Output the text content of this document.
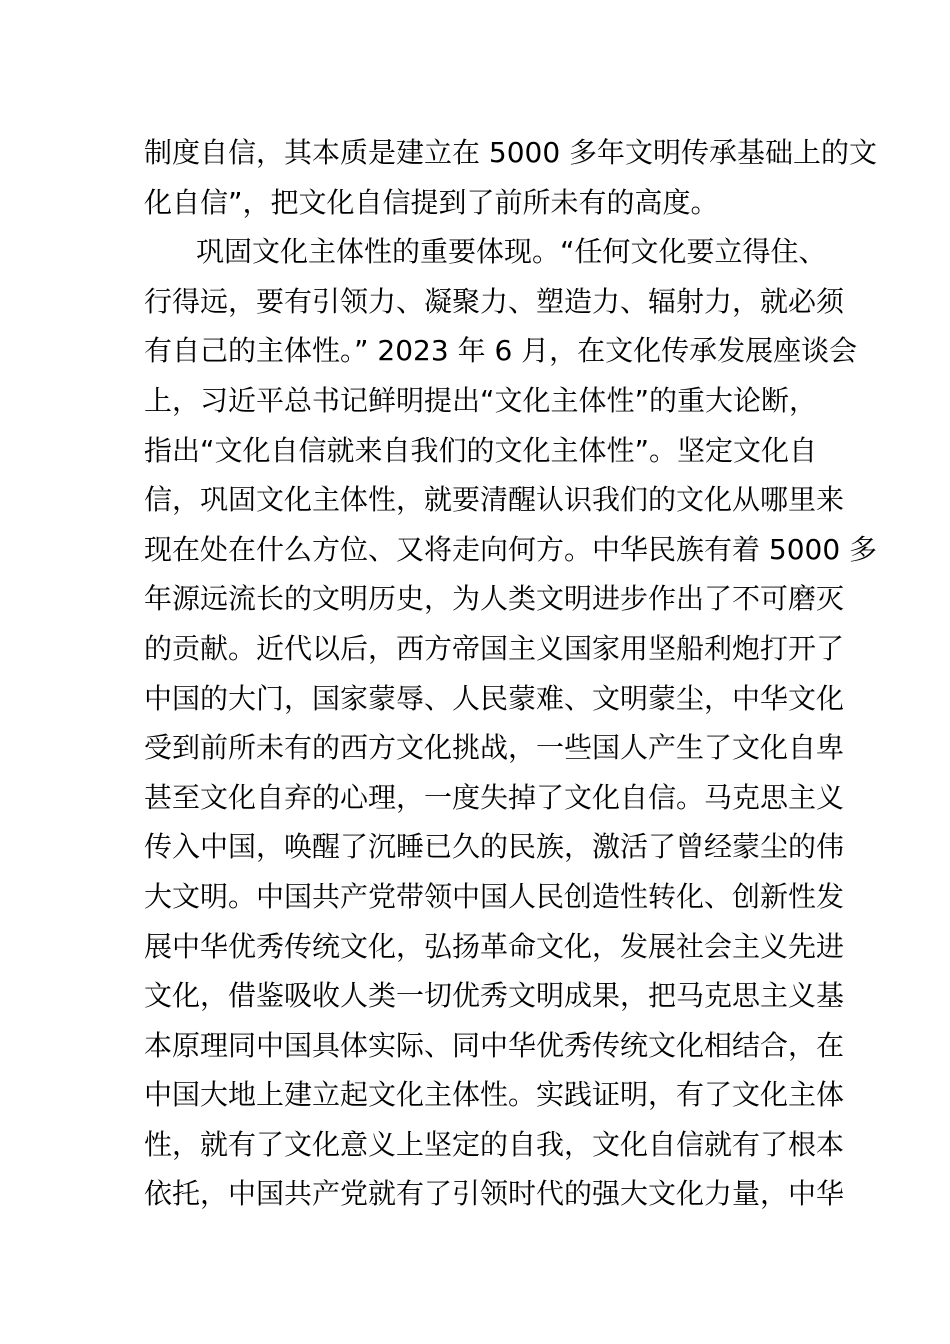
制度自信，其本质是建立在 5000 多年文明传承基础上的文
化自信”，把文化自信提到了前所未有的高度。
巩固文化主体性的重要体现。“任何文化要立得住、
行得远，要有引领力、凝聚力、塑造力、辐射力，就必须
有自己的主体性。” 2023 年 6 月，在文化传承发展座谈会
上，习近平总书记鲜明提出“文化主体性”的重大论断，
指出“文化自信就来自我们的文化主体性”。坚定文化自
信，巩固文化主体性，就要清醒认识我们的文化从哪里来
现在处在什么方位、又将走向何方。中华民族有着 5000 多
年源远流长的文明历史，为人类文明进步作出了不可磨灭
的贡献。近代以后，西方帝国主义国家用坚船利炮打开了
中国的大门，国家蒙辱、人民蒙难、文明蒙尘，中华文化
受到前所未有的西方文化挑战，一些国人产生了文化自卑
甚至文化自弃的心理，一度失掉了文化自信。马克思主义
传入中国，唤醒了沉睡已久的民族，激活了曾经蒙尘的伟
大文明。中国共产党带领中国人民创造性转化、创新性发
展中华优秀传统文化，弘扬革命文化，发展社会主义先进
文化，借鉴吸收人类一切优秀文明成果，把马克思主义基
本原理同中国具体实际、同中华优秀传统文化相结合，在
中国大地上建立起文化主体性。实践证明，有了文化主体
性，就有了文化意义上坚定的自我，文化自信就有了根本
依托，中国共产党就有了引领时代的强大文化力量，中华
